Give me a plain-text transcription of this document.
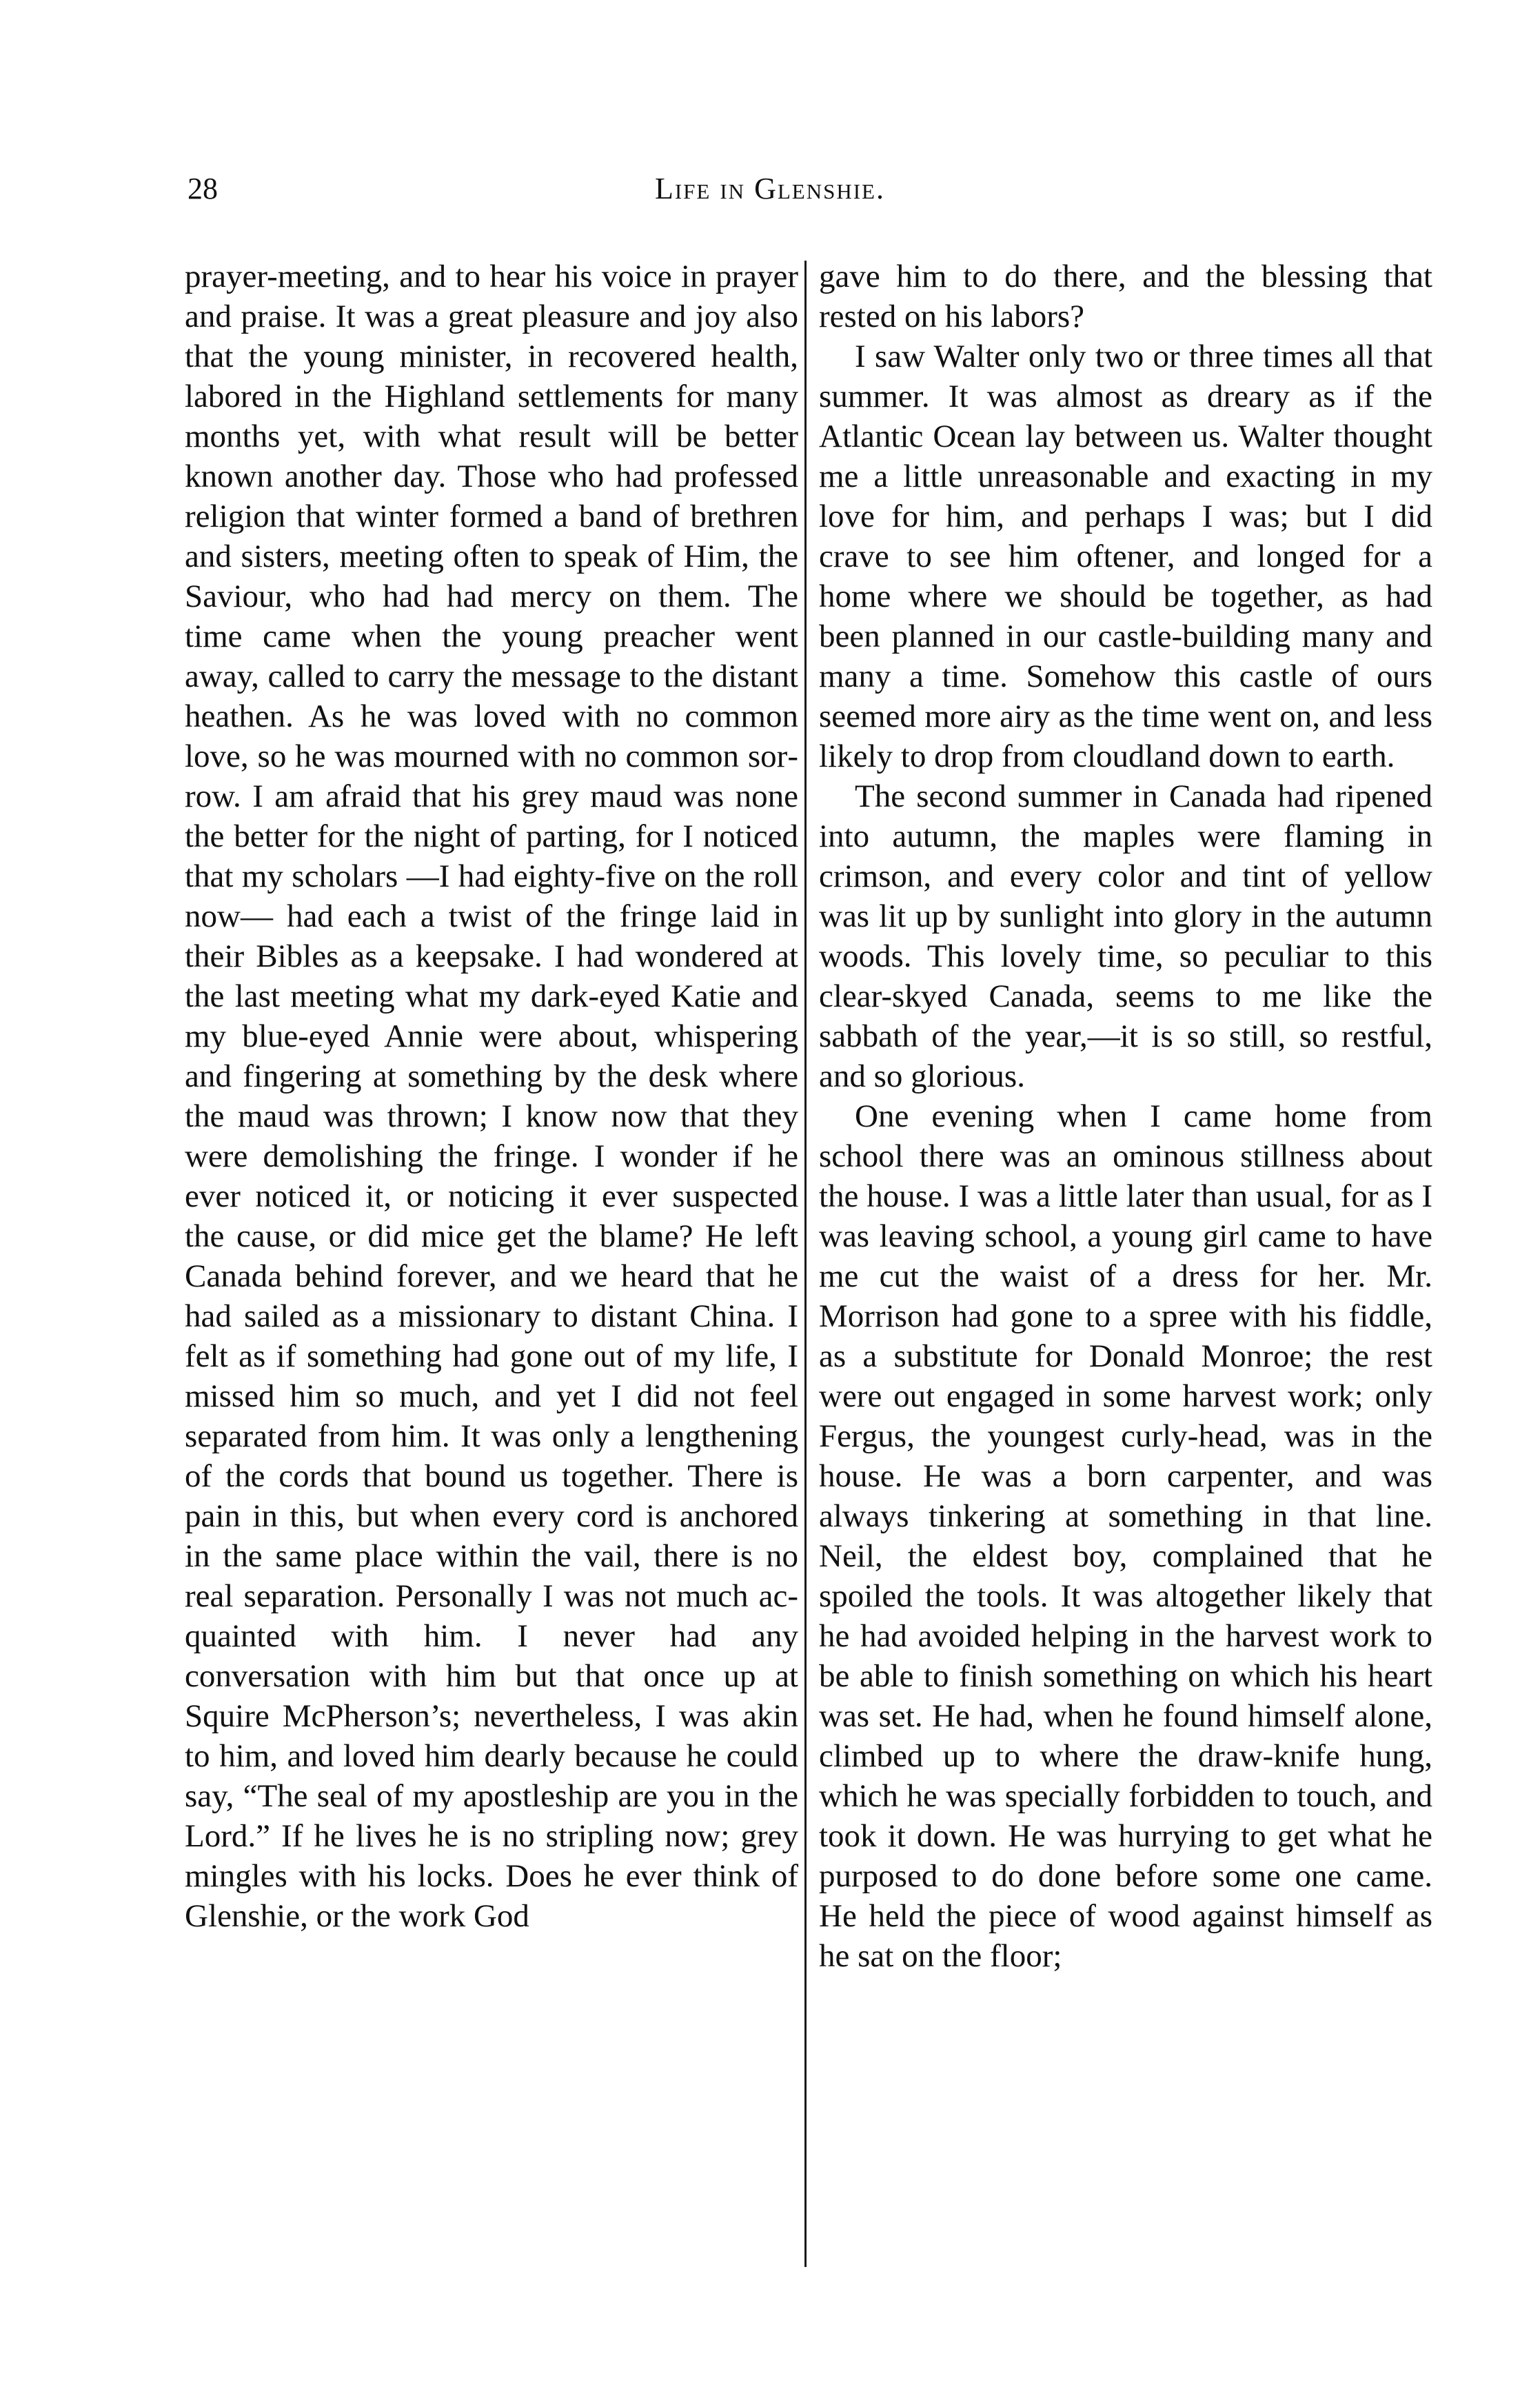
28	Life in Glenshie.

prayer-meeting, and to hear his voice in prayer and praise. It was a great pleasure and joy also that the young minister, in recovered health, labored in the Highland settlements for many months yet, with what result will be better known another day. Those who had professed religion that winter formed a band of brethren and sisters, meeting often to speak of Him, the Saviour, who had had mercy on them. The time came when the young preacher went away, called to carry the message to the distant heathen. As he was loved with no common love, so he was mourned with no common sorrow. I am afraid that his grey maud was none the better for the night of parting, for I noticed that my scholars —I had eighty-five on the roll now— had each a twist of the fringe laid in their Bibles as a keepsake. I had wondered at the last meeting what my dark-eyed Katie and my blue-eyed Annie were about, whispering and fingering at something by the desk where the maud was thrown; I know now that they were demolishing the fringe. I wonder if he ever noticed it, or noticing it ever suspected the cause, or did mice get the blame? He left Canada behind forever, and we heard that he had sailed as a missionary to distant China. I felt as if something had gone out of my life, I missed him so much, and yet I did not feel separated from him. It was only a lengthening of the cords that bound us together. There is pain in this, but when every cord is anchored in the same place within the vail, there is no real separation. Personally I was not much acquainted with him. I never had any conversation with him but that once up at Squire McPherson’s; nevertheless, I was akin to him, and loved him dearly because he could say, “The seal of my apostleship are you in the Lord.” If he lives he is no stripling now; grey mingles with his locks. Does he ever think of Glenshie, or the work God

gave him to do there, and the blessing that rested on his labors?

I saw Walter only two or three times all that summer. It was almost as dreary as if the Atlantic Ocean lay between us. Walter thought me a little unreasonable and exacting in my love for him, and perhaps I was; but I did crave to see him oftener, and longed for a home where we should be together, as had been planned in our castle-building many and many a time. Somehow this castle of ours seemed more airy as the time went on, and less likely to drop from cloudland down to earth.

The second summer in Canada had ripened into autumn, the maples were flaming in crimson, and every color and tint of yellow was lit up by sunlight into glory in the autumn woods. This lovely time, so peculiar to this clear-skyed Canada, seems to me like the sabbath of the year,—it is so still, so restful, and so glorious.

One evening when I came home from school there was an ominous stillness about the house. I was a little later than usual, for as I was leaving school, a young girl came to have me cut the waist of a dress for her. Mr. Morrison had gone to a spree with his fiddle, as a substitute for Donald Monroe; the rest were out engaged in some harvest work; only Fergus, the youngest curly-head, was in the house. He was a born carpenter, and was always tinkering at something in that line. Neil, the eldest boy, complained that he spoiled the tools. It was altogether likely that he had avoided helping in the harvest work to be able to finish something on which his heart was set. He had, when he found himself alone, climbed up to where the draw-knife hung, which he was specially forbidden to touch, and took it down. He was hurrying to get what he purposed to do done before some one came. He held the piece of wood against himself as he sat on the floor;
